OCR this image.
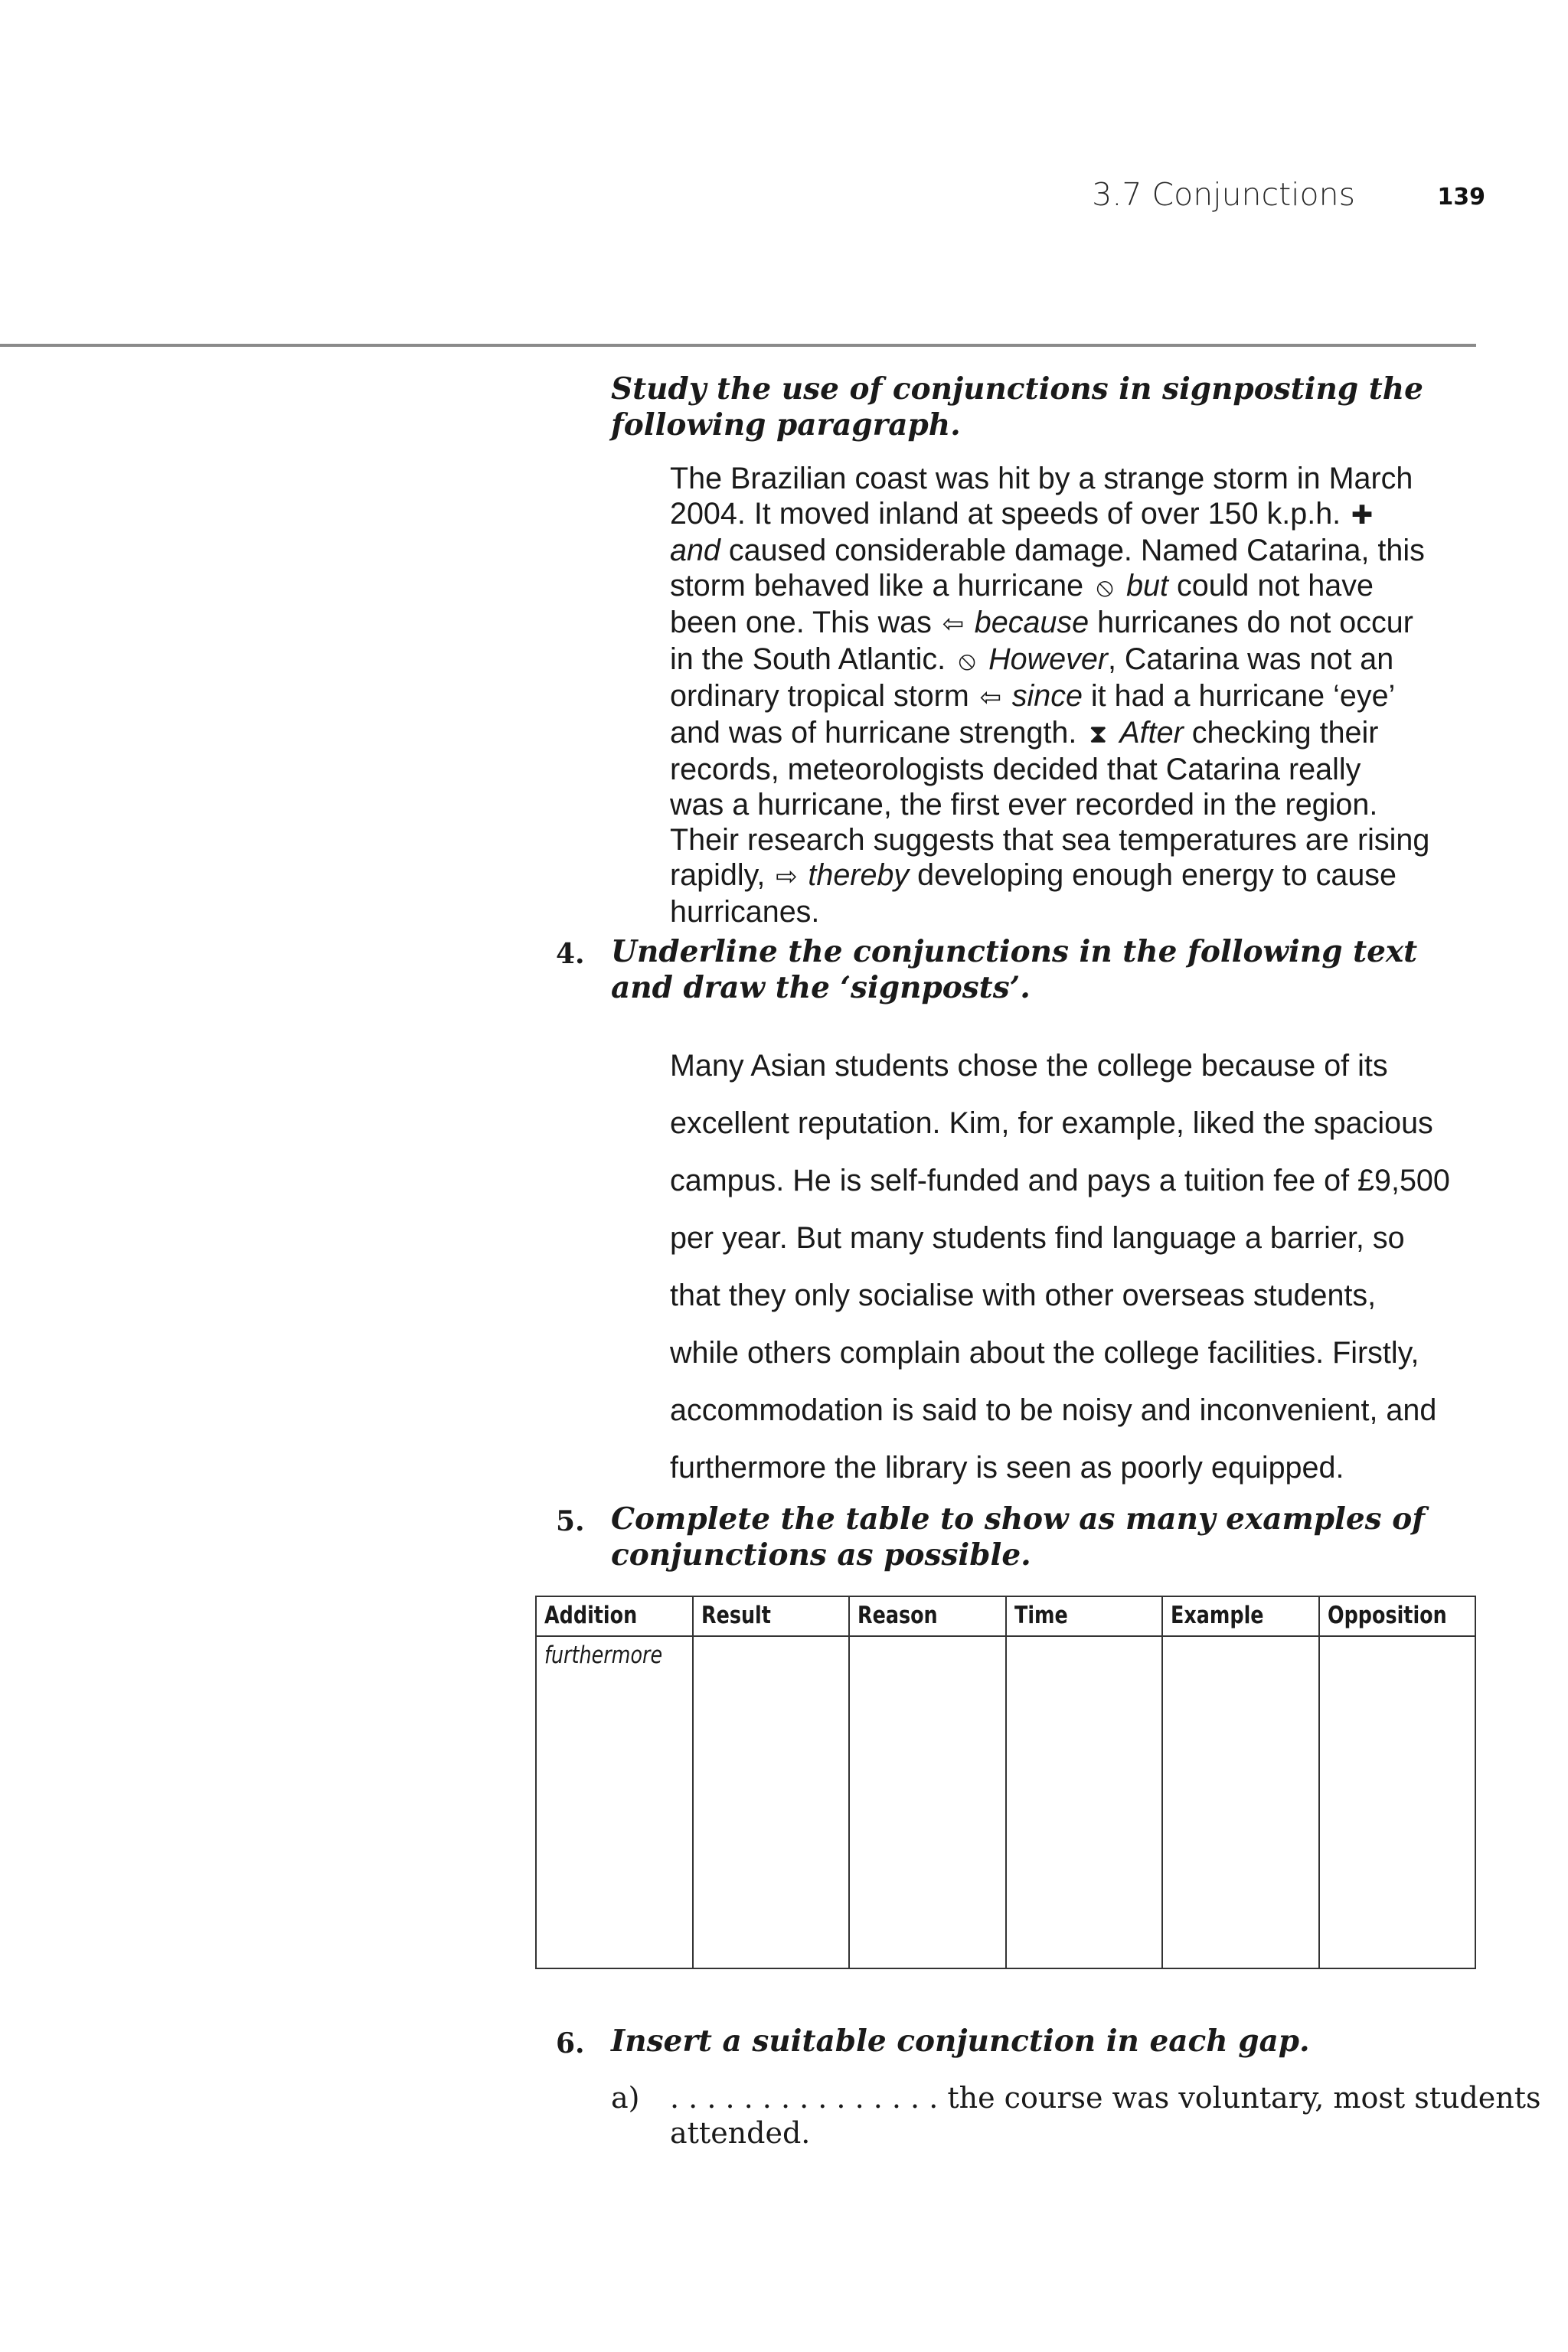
3.7 Conjunctions	139
Study the use of conjunctions in signposting the following paragraph.

The Brazilian coast was hit by a strange storm in March

2004. It moved inland at speeds of over 150 k.p.h. ✚

and caused considerable damage. Named Catarina, this

storm behaved like a hurricane ⦸ but could not have

been one. This was ⇦ because hurricanes do not occur

in the South Atlantic. ⦸ However, Catarina was not an

ordinary tropical storm ⇦ since it had a hurricane ‘eye’

and was of hurricane strength. ⧗ After checking their

records, meteorologists decided that Catarina really

was a hurricane, the first ever recorded in the region.

Their research suggests that sea temperatures are rising

rapidly, ⇨ thereby developing enough energy to cause

hurricanes.

4. Underline the conjunctions in the following text and draw the ‘signposts’.

Many Asian students chose the college because of its

excellent reputation. Kim, for example, liked the spacious

campus. He is self-funded and pays a tuition fee of £9,500

per year. But many students find language a barrier, so

that they only socialise with other overseas students,

while others complain about the college facilities. Firstly,

accommodation is said to be noisy and inconvenient, and

furthermore the library is seen as poorly equipped.

5. Complete the table to show as many examples of conjunctions as possible.
Addition	Result	Reason	Time	Example	Opposition
furthermore					
6. Insert a suitable conjunction in each gap.
a) . . . . . . . . . . . . . . . the course was voluntary, most students
attended.
